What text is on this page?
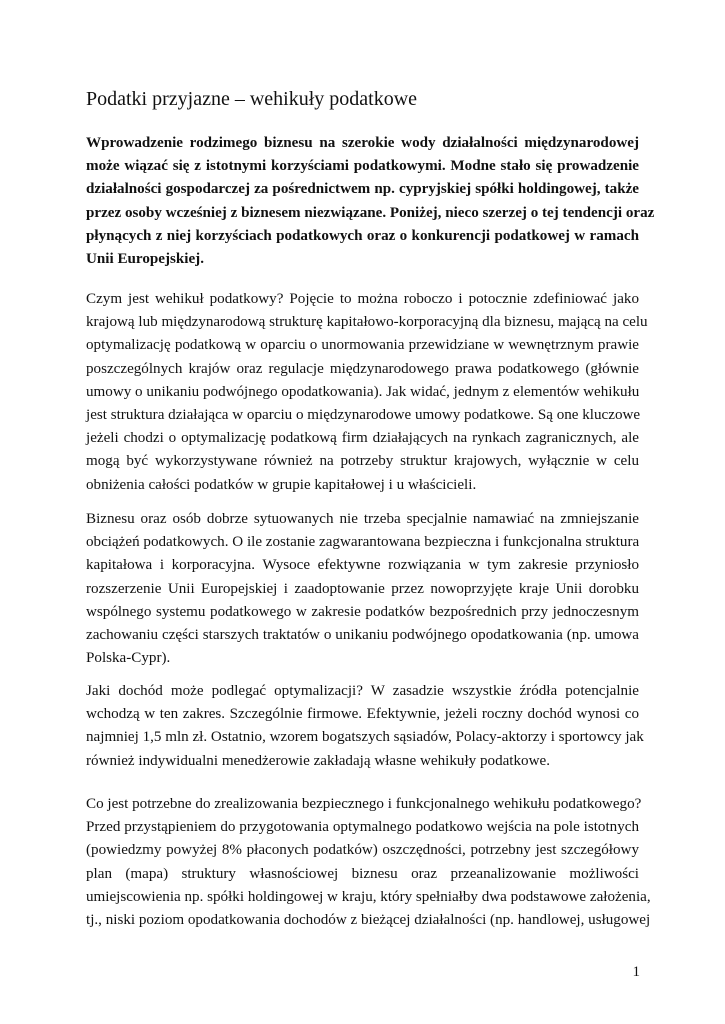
Podatki przyjazne – wehikuły podatkowe
Wprowadzenie rodzimego biznesu na szerokie wody działalności międzynarodowej
może wiązać się z istotnymi korzyściami podatkowymi. Modne stało się prowadzenie
działalności gospodarczej za pośrednictwem np. cypryjskiej spółki holdingowej, także
przez osoby wcześniej z biznesem niezwiązane. Poniżej, nieco szerzej o tej tendencji oraz
płynących z niej korzyściach podatkowych oraz o konkurencji podatkowej w ramach
Unii Europejskiej.
Czym jest wehikuł podatkowy? Pojęcie to można roboczo i potocznie zdefiniować jako
krajową lub międzynarodową strukturę kapitałowo-korporacyjną dla biznesu, mającą na celu
optymalizację podatkową w oparciu o unormowania przewidziane w wewnętrznym prawie
poszczególnych krajów oraz regulacje międzynarodowego prawa podatkowego (głównie
umowy o unikaniu podwójnego opodatkowania). Jak widać, jednym z elementów wehikułu
jest struktura działająca w oparciu o międzynarodowe umowy podatkowe. Są one kluczowe
jeżeli chodzi o optymalizację podatkową firm działających na rynkach zagranicznych, ale
mogą być wykorzystywane również na potrzeby struktur krajowych, wyłącznie w celu
obniżenia całości podatków w grupie kapitałowej i u właścicieli.
Biznesu oraz osób dobrze sytuowanych nie trzeba specjalnie namawiać na zmniejszanie
obciążeń podatkowych. O ile zostanie zagwarantowana bezpieczna i funkcjonalna struktura
kapitałowa i korporacyjna. Wysoce efektywne rozwiązania w tym zakresie przyniosło
rozszerzenie Unii Europejskiej i zaadoptowanie przez nowoprzyjęte kraje Unii dorobku
wspólnego systemu podatkowego w zakresie podatków bezpośrednich przy jednoczesnym
zachowaniu części starszych traktatów o unikaniu podwójnego opodatkowania (np. umowa
Polska-Cypr).
Jaki dochód może podlegać optymalizacji? W zasadzie wszystkie źródła potencjalnie
wchodzą w ten zakres. Szczególnie firmowe. Efektywnie, jeżeli roczny dochód wynosi co
najmniej 1,5 mln zł. Ostatnio, wzorem bogatszych sąsiadów, Polacy-aktorzy i sportowcy jak
również indywidualni menedżerowie zakładają własne wehikuły podatkowe.
Co jest potrzebne do zrealizowania bezpiecznego i funkcjonalnego wehikułu podatkowego?
Przed przystąpieniem do przygotowania optymalnego podatkowo wejścia na pole istotnych
(powiedzmy powyżej 8% płaconych podatków) oszczędności, potrzebny jest szczegółowy
plan (mapa) struktury własnościowej biznesu oraz przeanalizowanie możliwości
umiejscowienia np. spółki holdingowej w kraju, który spełniałby dwa podstawowe założenia,
tj., niski poziom opodatkowania dochodów z bieżącej działalności (np. handlowej, usługowej
1
